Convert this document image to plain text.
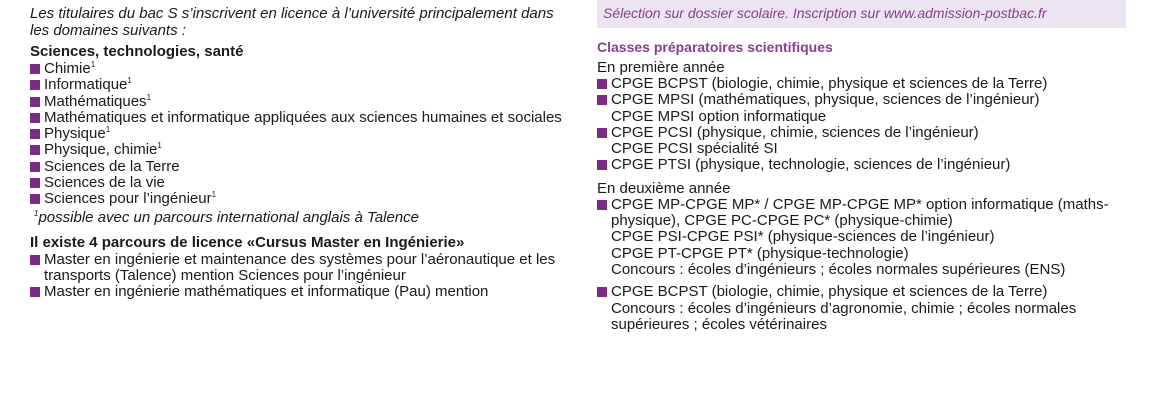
Les titulaires du bac S s’inscrivent en licence à l’université principalement dans les domaines suivants :

Sciences, technologies, santé

Chimie$^1$
Informatique$^1$
Mathématiques$^1$
Mathématiques et informatique appliquées aux sciences humaines et sociales
Physique$^1$
Physique, chimie$^1$
Sciences de la Terre
Sciences de la vie
Sciences pour l’ingénieur$^1$

$^1$possible avec un parcours international anglais à Talence

Il existe 4 parcours de licence «Cursus Master en Ingénierie»

Master en ingénierie et maintenance des systèmes pour l’aéronautique et les transports (Talence) mention Sciences pour l’ingénieur
Master en ingénierie mathématiques et informatique (Pau) mention
Sélection sur dossier scolaire. Inscription sur www.admission-postbac.fr

Classes préparatoires scientifiques

En première année

CPGE BCPST (biologie, chimie, physique et sciences de la Terre)
CPGE MPSI (mathématiques, physique, sciences de l’ingénieur)
CPGE MPSI option informatique
CPGE PCSI (physique, chimie, sciences de l’ingénieur)
CPGE PCSI spécialité SI
CPGE PTSI (physique, technologie, sciences de l’ingénieur)

En deuxième année

CPGE MP-CPGE MP* / CPGE MP-CPGE MP* option informatique (maths-physique), CPGE PC-CPGE PC* (physique-chimie)
CPGE PSI-CPGE PSI* (physique-sciences de l’ingénieur)
CPGE PT-CPGE PT* (physique-technologie)
Concours : écoles d’ingénieurs ; écoles normales supérieures (ENS)
CPGE BCPST (biologie, chimie, physique et sciences de la Terre)
Concours : écoles d’ingénieurs d’agronomie, chimie ; écoles normales supérieures ; écoles vétérinaires
